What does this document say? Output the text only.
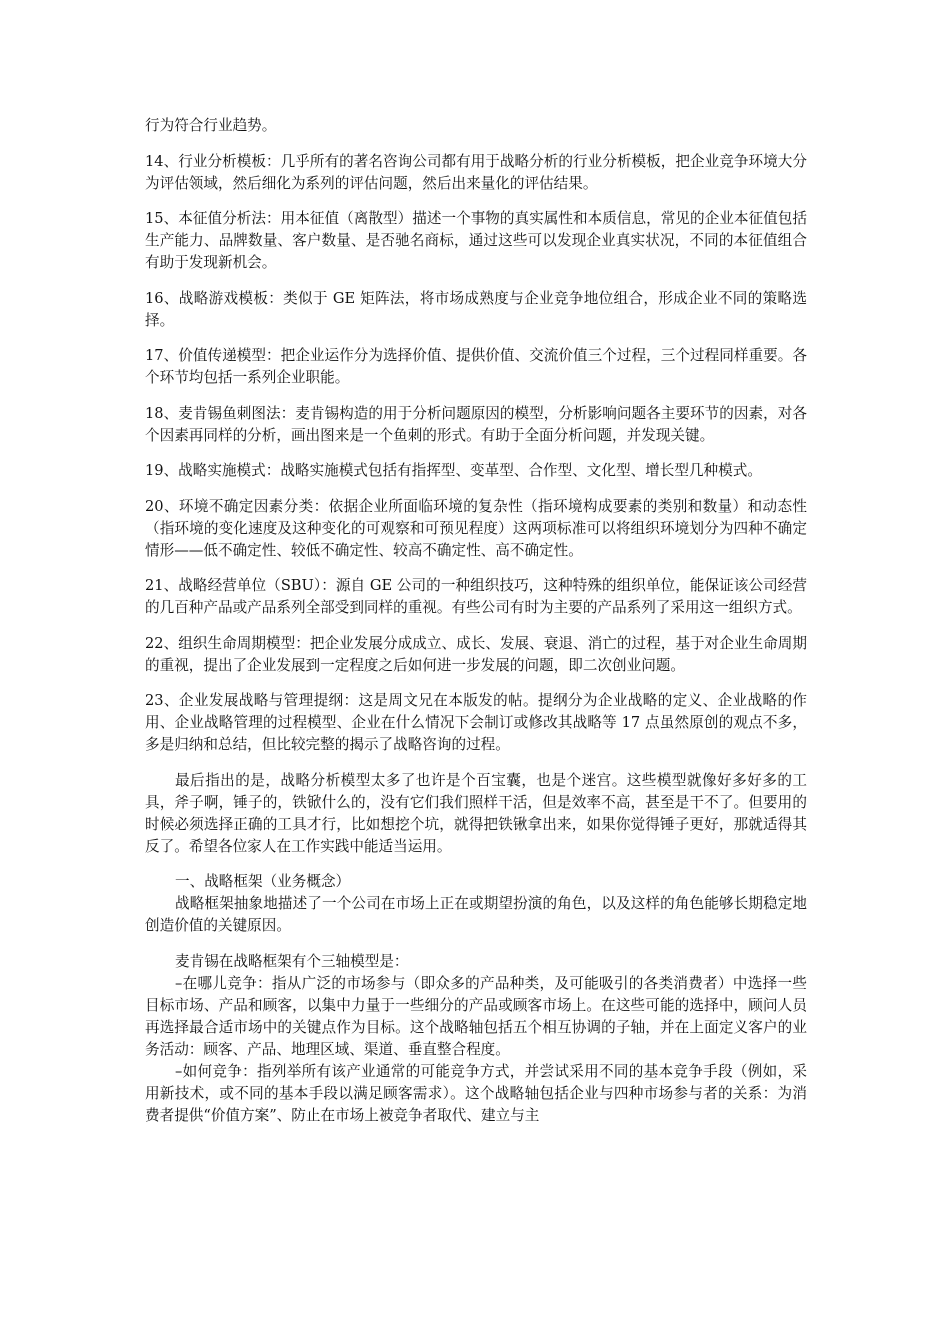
行为符合行业趋势。

14、行业分析模板：几乎所有的著名咨询公司都有用于战略分析的行业分析模板，把企业竞争环境大分为评估领域，然后细化为系列的评估问题，然后出来量化的评估结果。

15、本征值分析法：用本征值（离散型）描述一个事物的真实属性和本质信息，常见的企业本征值包括生产能力、品牌数量、客户数量、是否驰名商标，通过这些可以发现企业真实状况，不同的本征值组合有助于发现新机会。

16、战略游戏模板：类似于 GE 矩阵法，将市场成熟度与企业竞争地位组合，形成企业不同的策略选择。

17、价值传递模型：把企业运作分为选择价值、提供价值、交流价值三个过程，三个过程同样重要。各个环节均包括一系列企业职能。

18、麦肯锡鱼刺图法：麦肯锡构造的用于分析问题原因的模型，分析影响问题各主要环节的因素，对各个因素再同样的分析，画出图来是一个鱼刺的形式。有助于全面分析问题，并发现关键。

19、战略实施模式：战略实施模式包括有指挥型、变革型、合作型、文化型、增长型几种模式。

20、环境不确定因素分类：依据企业所面临环境的复杂性（指环境构成要素的类别和数量）和动态性（指环境的变化速度及这种变化的可观察和可预见程度）这两项标准可以将组织环境划分为四种不确定情形——低不确定性、较低不确定性、较高不确定性、高不确定性。

21、战略经营单位（SBU）：源自 GE 公司的一种组织技巧，这种特殊的组织单位，能保证该公司经营的几百种产品或产品系列全部受到同样的重视。有些公司有时为主要的产品系列了采用这一组织方式。

22、组织生命周期模型：把企业发展分成成立、成长、发展、衰退、消亡的过程，基于对企业生命周期的重视，提出了企业发展到一定程度之后如何进一步发展的问题，即二次创业问题。

23、企业发展战略与管理提纲：这是周文兄在本版发的帖。提纲分为企业战略的定义、企业战略的作用、企业战略管理的过程模型、企业在什么情况下会制订或修改其战略等 17 点虽然原创的观点不多，多是归纳和总结，但比较完整的揭示了战略咨询的过程。

最后指出的是，战略分析模型太多了也许是个百宝囊，也是个迷宫。这些模型就像好多好多的工具，斧子啊，锤子的，铁锨什么的，没有它们我们照样干活，但是效率不高，甚至是干不了。但要用的时候必须选择正确的工具才行，比如想挖个坑，就得把铁锹拿出来，如果你觉得锤子更好，那就适得其反了。希望各位家人在工作实践中能适当运用。

一、战略框架（业务概念）

战略框架抽象地描述了一个公司在市场上正在或期望扮演的角色，以及这样的角色能够长期稳定地创造价值的关键原因。

麦肯锡在战略框架有个三轴模型是：

–在哪儿竞争：指从广泛的市场参与（即众多的产品种类，及可能吸引的各类消费者）中选择一些目标市场、产品和顾客，以集中力量于一些细分的产品或顾客市场上。在这些可能的选择中，顾问人员再选择最合适市场中的关键点作为目标。这个战略轴包括五个相互协调的子轴，并在上面定义客户的业务活动：顾客、产品、地理区域、渠道、垂直整合程度。

–如何竞争：指列举所有该产业通常的可能竞争方式，并尝试采用不同的基本竞争手段（例如，采用新技术，或不同的基本手段以满足顾客需求）。这个战略轴包括企业与四种市场参与者的关系：为消费者提供“价值方案”、防止在市场上被竞争者取代、建立与主
